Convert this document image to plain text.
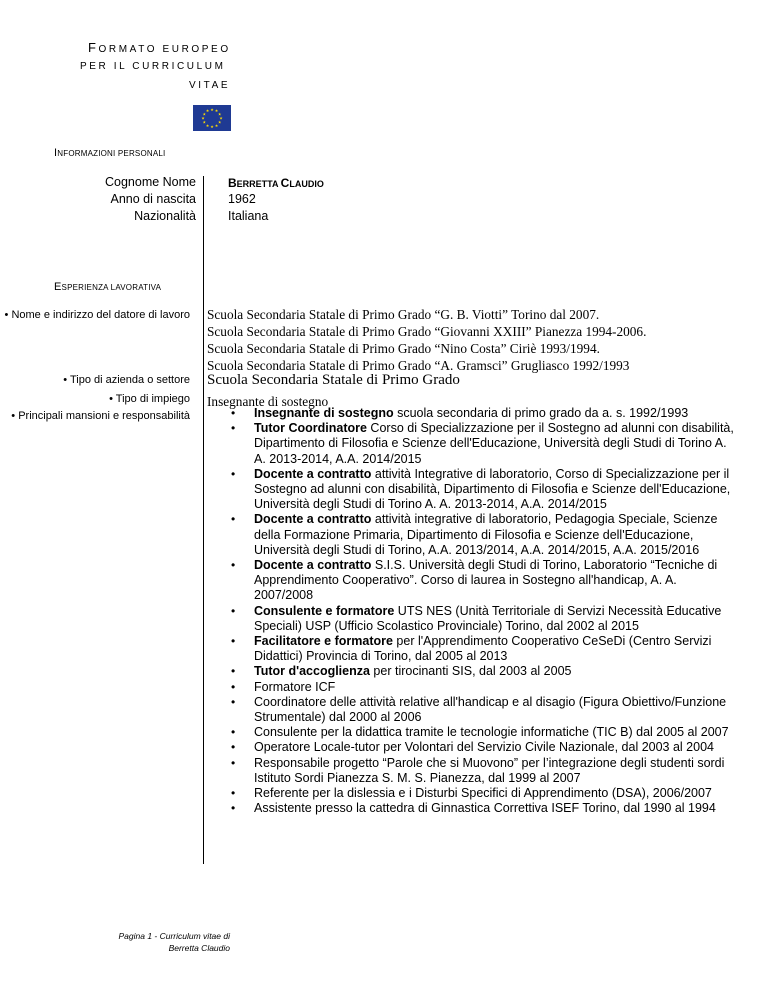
FORMATO EUROPEO
PER IL CURRICULUM
VITAE
★ ★
★
★
★
★
★
★
★
★
★
★
INFORMAZIONI PERSONALI
Cognome Nome
Anno di nascita
Nazionalità
BERRETTA CLAUDIO
1962
Italiana
ESPERIENZA LAVORATIVA
• Nome e indirizzo del datore di lavoro
• Tipo di azienda o settore
• Tipo di impiego
• Principali mansioni e responsabilità
Scuola Secondaria Statale di Primo Grado “G. B. Viotti” Torino dal 2007.
Scuola Secondaria Statale di Primo Grado “Giovanni XXIII” Pianezza 1994-2006.
Scuola Secondaria Statale di Primo Grado “Nino Costa” Ciriè 1993/1994.
Scuola Secondaria Statale di Primo Grado “A. Gramsci” Grugliasco 1992/1993
Scuola Secondaria Statale di Primo Grado
Insegnante di sostegno
• Insegnante di sostegno scuola secondaria di primo grado da a. s. 1992/1993
• Tutor Coordinatore Corso di Specializzazione per il Sostegno ad alunni con disabilità, Dipartimento di Filosofia e Scienze dell'Educazione, Università degli Studi di Torino A. A. 2013-2014, A.A. 2014/2015
• Docente a contratto attività Integrative di laboratorio, Corso di Specializzazione per il Sostegno ad alunni con disabilità, Dipartimento di Filosofia e Scienze dell'Educazione, Università degli Studi di Torino A. A. 2013-2014, A.A. 2014/2015
• Docente a contratto attività integrative di laboratorio, Pedagogia Speciale, Scienze della Formazione Primaria, Dipartimento di Filosofia e Scienze dell'Educazione, Università degli Studi di Torino, A.A. 2013/2014, A.A. 2014/2015, A.A. 2015/2016
• Docente a contratto S.I.S. Università degli Studi di Torino, Laboratorio “Tecniche di Apprendimento Cooperativo”. Corso di laurea in Sostegno all'handicap, A. A. 2007/2008
• Consulente e formatore UTS NES (Unità Territoriale di Servizi Necessità Educative Speciali) USP (Ufficio Scolastico Provinciale) Torino, dal 2002 al 2015
• Facilitatore e formatore per l'Apprendimento Cooperativo CeSeDi (Centro Servizi Didattici) Provincia di Torino, dal 2005 al 2013
• Tutor d'accoglienza per tirocinanti SIS, dal 2003 al 2005
• Formatore ICF
• Coordinatore delle attività relative all'handicap e al disagio (Figura Obiettivo/Funzione Strumentale) dal 2000 al 2006
• Consulente per la didattica tramite le tecnologie informatiche (TIC B) dal 2005 al 2007
• Operatore Locale-tutor per Volontari del Servizio Civile Nazionale, dal 2003 al 2004
• Responsabile progetto “Parole che si Muovono” per l’integrazione degli studenti sordi Istituto Sordi Pianezza S. M. S. Pianezza, dal 1999 al 2007
• Referente per la dislessia e i Disturbi Specifici di Apprendimento (DSA), 2006/2007
• Assistente presso la cattedra di Ginnastica Correttiva ISEF Torino, dal 1990 al 1994
Pagina 1 - Curriculum vitae di
Berretta Claudio
